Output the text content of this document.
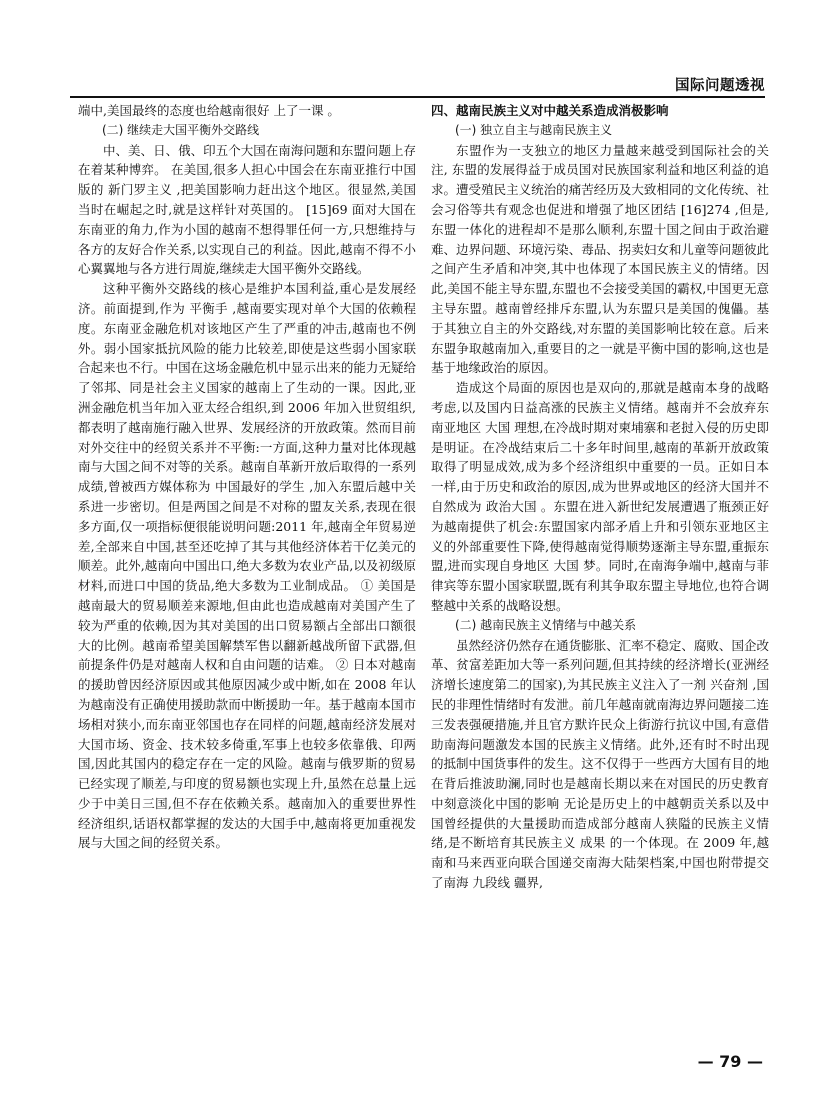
国际问题透视

端中,美国最终的态度也给越南很好 上了一课 。

(二) 继续走大国平衡外交路线

中、美、日、俄、印五个大国在南海问题和东盟问题上存在着某种博弈。 在美国,很多人担心中国会在东南亚推行中国版的 新门罗主义 ,把美国影响力赶出这个地区。很显然,美国当时在崛起之时,就是这样针对英国的。 [15]69 面对大国在东南亚的角力,作为小国的越南不想得罪任何一方,只想维持与各方的友好合作关系,以实现自己的利益。因此,越南不得不小心翼翼地与各方进行周旋,继续走大国平衡外交路线。

这种平衡外交路线的核心是维护本国利益,重心是发展经济。前面提到,作为 平衡手 ,越南要实现对单个大国的依赖程度。东南亚金融危机对该地区产生了严重的冲击,越南也不例外。弱小国家抵抗风险的能力比较差,即使是这些弱小国家联合起来也不行。中国在这场金融危机中显示出来的能力无疑给了邻邦、同是社会主义国家的越南上了生动的一课。因此,亚洲金融危机当年加入亚太经合组织,到 2006 年加入世贸组织,都表明了越南施行融入世界、发展经济的开放政策。然而目前对外交往中的经贸关系并不平衡:一方面,这种力量对比体现越南与大国之间不对等的关系。越南自革新开放后取得的一系列成绩,曾被西方媒体称为 中国最好的学生 ,加入东盟后越中关系进一步密切。但是两国之间是不对称的盟友关系,表现在很多方面,仅一项指标便很能说明问题:2011 年,越南全年贸易逆差,全部来自中国,甚至还吃掉了其与其他经济体若干亿美元的顺差。此外,越南向中国出口,绝大多数为农业产品,以及初级原材料,而进口中国的货品,绝大多数为工业制成品。 ① 美国是越南最大的贸易顺差来源地,但由此也造成越南对美国产生了较为严重的依赖,因为其对美国的出口贸易额占全部出口额很大的比例。越南希望美国解禁军售以翻新越战所留下武器,但前提条件仍是对越南人权和自由问题的诘难。 ② 日本对越南的援助曾因经济原因或其他原因减少或中断,如在 2008 年认为越南没有正确使用援助款而中断援助一年。基于越南本国市场相对狭小,而东南亚邻国也存在同样的问题,越南经济发展对大国市场、资金、技术较多倚重,军事上也较多依靠俄、印两国,因此其国内的稳定存在一定的风险。越南与俄罗斯的贸易已经实现了顺差,与印度的贸易额也实现上升,虽然在总量上远少于中美日三国,但不存在依赖关系。越南加入的重要世界性经济组织,话语权都掌握的发达的大国手中,越南将更加重视发展与大国之间的经贸关系。

四、越南民族主义对中越关系造成消极影响
(一) 独立自主与越南民族主义

东盟作为一支独立的地区力量越来越受到国际社会的关注, 东盟的发展得益于成员国对民族国家利益和地区利益的追求。遭受殖民主义统治的痛苦经历及大致相同的文化传统、社会习俗等共有观念也促进和增强了地区团结 [16]274 ,但是,东盟一体化的进程却不是那么顺利,东盟十国之间由于政治避难、边界问题、环境污染、毒品、拐卖妇女和儿童等问题彼此之间产生矛盾和冲突,其中也体现了本国民族主义的情绪。因此,美国不能主导东盟,东盟也不会接受美国的霸权,中国更无意主导东盟。越南曾经排斥东盟,认为东盟只是美国的傀儡。基于其独立自主的外交路线,对东盟的美国影响比较在意。后来东盟争取越南加入,重要目的之一就是平衡中国的影响,这也是基于地缘政治的原因。

造成这个局面的原因也是双向的,那就是越南本身的战略考虑,以及国内日益高涨的民族主义情绪。越南并不会放弃东南亚地区 大国 理想,在冷战时期对柬埔寨和老挝入侵的历史即是明证。在冷战结束后二十多年时间里,越南的革新开放政策取得了明显成效,成为多个经济组织中重要的一员。正如日本一样,由于历史和政治的原因,成为世界或地区的经济大国并不自然成为 政治大国 。东盟在进入新世纪发展遭遇了瓶颈正好为越南提供了机会:东盟国家内部矛盾上升和引领东亚地区主义的外部重要性下降,使得越南觉得顺势逐渐主导东盟,重振东盟,进而实现自身地区 大国 梦。同时,在南海争端中,越南与菲律宾等东盟小国家联盟,既有利其争取东盟主导地位,也符合调整越中关系的战略设想。

(二) 越南民族主义情绪与中越关系

虽然经济仍然存在通货膨胀、汇率不稳定、腐败、国企改革、贫富差距加大等一系列问题,但其持续的经济增长(亚洲经济增长速度第二的国家),为其民族主义注入了一剂 兴奋剂 ,国民的非理性情绪时有发泄。前几年越南就南海边界问题接二连三发表强硬措施,并且官方默许民众上街游行抗议中国,有意借助南海问题激发本国的民族主义情绪。此外,还有时不时出现的抵制中国货事件的发生。这不仅得于一些西方大国有目的地在背后推波助澜,同时也是越南长期以来在对国民的历史教育中刻意淡化中国的影响 无论是历史上的中越朝贡关系以及中国曾经提供的大量援助而造成部分越南人狭隘的民族主义情绪,是不断培育其民族主义 成果 的一个体现。在 2009 年,越南和马来西亚向联合国递交南海大陆架档案,中国也附带提交了南海 九段线 疆界,

— 79 —
